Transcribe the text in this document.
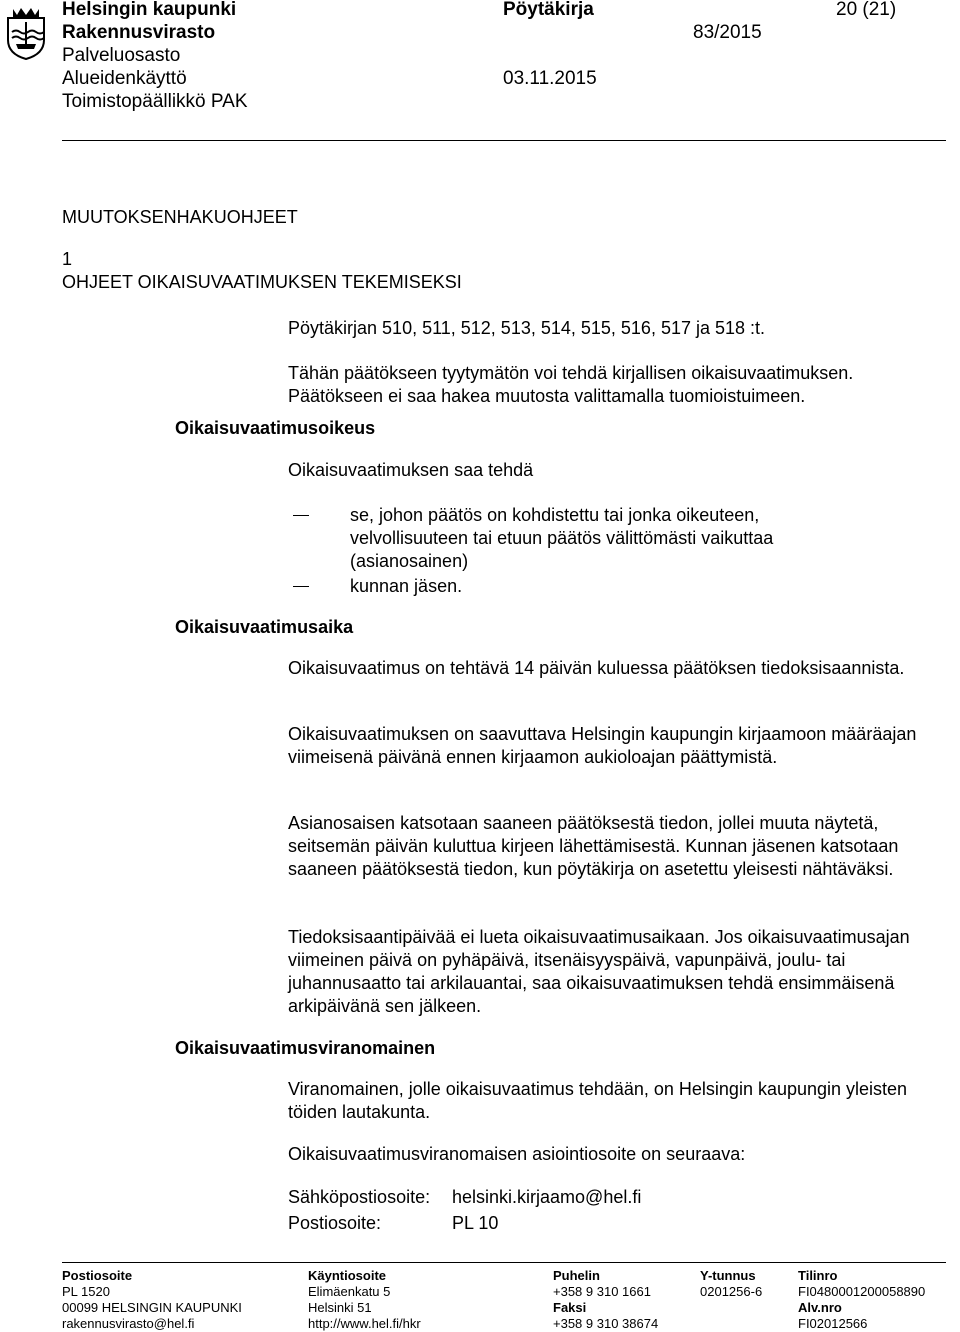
Helsingin kaupunki
Rakennusvirasto
Palveluosasto
Alueidenkäyttö
Toimistopäällikkö PAK
Pöytäkirja
83/2015
03.11.2015
20 (21)
MUUTOKSENHAKUOHJEET
1
OHJEET OIKAISUVAATIMUKSEN TEKEMISEKSI
Pöytäkirjan 510, 511, 512, 513, 514, 515, 516, 517 ja 518 :t.
Tähän päätökseen tyytymätön voi tehdä kirjallisen oikaisuvaatimuksen.
Päätökseen ei saa hakea muutosta valittamalla tuomioistuimeen.
Oikaisuvaatimusoikeus
Oikaisuvaatimuksen saa tehdä
se, johon päätös on kohdistettu tai jonka oikeuteen,
velvollisuuteen tai etuun päätös välittömästi vaikuttaa
(asianosainen)
kunnan jäsen.
Oikaisuvaatimusaika
Oikaisuvaatimus on tehtävä 14 päivän kuluessa päätöksen tiedoksisaannista.
Oikaisuvaatimuksen on saavuttava Helsingin kaupungin kirjaamoon määräajan viimeisenä päivänä ennen kirjaamon aukioloajan päättymistä.
Asianosaisen katsotaan saaneen päätöksestä tiedon, jollei muuta näytetä, seitsemän päivän kuluttua kirjeen lähettämisestä. Kunnan jäsenen katsotaan saaneen päätöksestä tiedon, kun pöytäkirja on asetettu yleisesti nähtäväksi.
Tiedoksisaantipäivää ei lueta oikaisuvaatimusaikaan. Jos oikaisuvaatimusajan viimeinen päivä on pyhäpäivä, itsenäisyyspäivä, vapunpäivä, joulu- tai juhannusaatto tai arkilauantai, saa oikaisuvaatimuksen tehdä ensimmäisenä arkipäivänä sen jälkeen.
Oikaisuvaatimusviranomainen
Viranomainen, jolle oikaisuvaatimus tehdään, on Helsingin kaupungin yleisten töiden lautakunta.
Oikaisuvaatimusviranomaisen asiointiosoite on seuraava:
Sähköpostiosoite: helsinki.kirjaamo@hel.fi
Postiosoite:	PL 10
Postiosoite
PL 1520
00099 HELSINGIN KAUPUNKI
rakennusvirasto@hel.fi
Käyntiosoite
Elimäenkatu 5
Helsinki 51
http://www.hel.fi/hkr
Puhelin
+358 9 310 1661
Faksi
+358 9 310 38674
Y-tunnus
0201256-6
Tilinro
FI0480001200058890
Alv.nro
FI02012566
